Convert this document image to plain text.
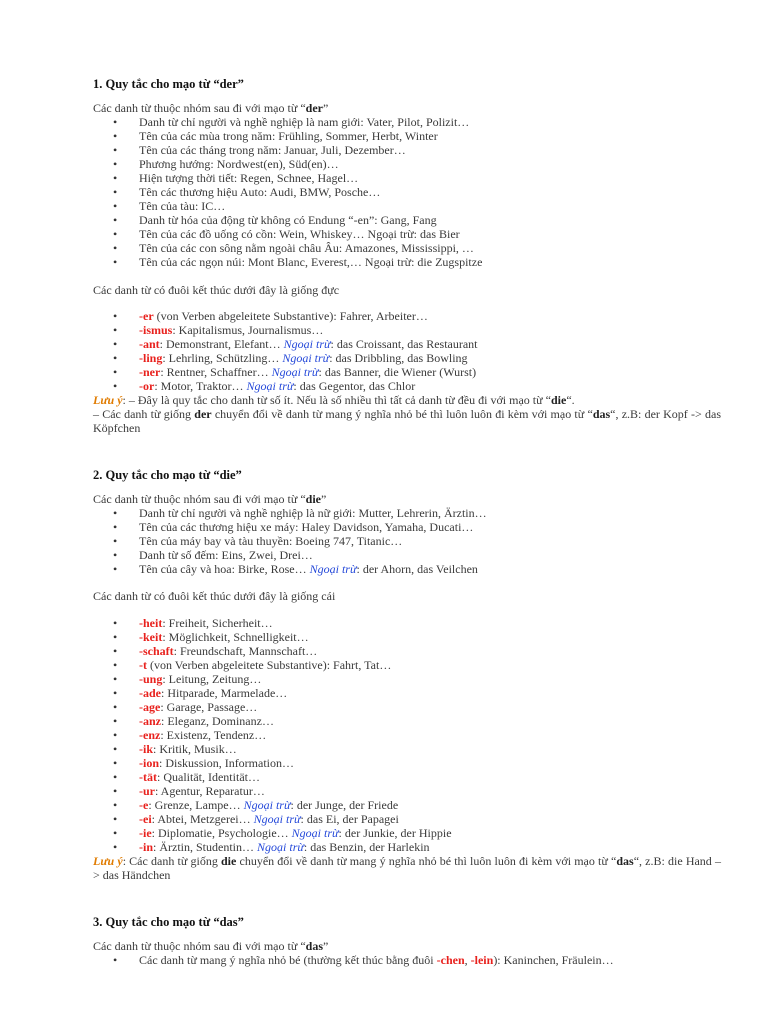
1. Quy tắc cho mạo từ “der”
Các danh từ thuộc nhóm sau đi với mạo từ “der”
• Danh từ chỉ người và nghề nghiệp là nam giới: Vater, Pilot, Polizit…
• Tên của các mùa trong năm: Frühling, Sommer, Herbt, Winter
• Tên của các tháng trong năm: Januar, Juli, Dezember…
• Phương hướng: Nordwest(en), Süd(en)…
• Hiện tượng thời tiết: Regen, Schnee, Hagel…
• Tên các thương hiệu Auto: Audi, BMW, Posche…
• Tên của tàu: IC…
• Danh từ hóa của động từ không có Endung “-en”: Gang, Fang
• Tên của các đồ uống có cồn: Wein, Whiskey… Ngoại trừ: das Bier
• Tên của các con sông nằm ngoài châu Âu: Amazones, Mississippi, …
• Tên của các ngọn núi: Mont Blanc, Everest,… Ngoại trừ: die Zugspitze
Các danh từ có đuôi kết thúc dưới đây là giống đực
• -er (von Verben abgeleitete Substantive): Fahrer, Arbeiter…
• -ismus: Kapitalismus, Journalismus…
• -ant: Demonstrant, Elefant… Ngoại trừ: das Croissant, das Restaurant
• -ling: Lehrling, Schützling… Ngoại trừ: das Dribbling, das Bowling
• -ner: Rentner, Schaffner… Ngoại trừ: das Banner, die Wiener (Wurst)
• -or: Motor, Traktor… Ngoại trừ: das Gegentor, das Chlor
Lưu ý: – Đây là quy tắc cho danh từ số ít. Nếu là số nhiều thì tất cả danh từ đều đi với mạo từ “die“.
– Các danh từ giống der chuyển đổi về danh từ mang ý nghĩa nhỏ bé thì luôn luôn đi kèm với mạo từ “das“, z.B: der Kopf -> das Köpfchen
2. Quy tắc cho mạo từ “die”
Các danh từ thuộc nhóm sau đi với mạo từ “die”
• Danh từ chỉ người và nghề nghiệp là nữ giới: Mutter, Lehrerin, Ärztin…
• Tên của các thương hiệu xe máy: Haley Davidson, Yamaha, Ducati…
• Tên của máy bay và tàu thuyền: Boeing 747, Titanic…
• Danh từ số đếm: Eins, Zwei, Drei…
• Tên của cây và hoa: Birke, Rose… Ngoại trừ: der Ahorn, das Veilchen
Các danh từ có đuôi kết thúc dưới đây là giống cái
• -heit: Freiheit, Sicherheit…
• -keit: Möglichkeit, Schnelligkeit…
• -schaft: Freundschaft, Mannschaft…
• -t (von Verben abgeleitete Substantive): Fahrt, Tat…
• -ung: Leitung, Zeitung…
• -ade: Hitparade, Marmelade…
• -age: Garage, Passage…
• -anz: Eleganz, Dominanz…
• -enz: Existenz, Tendenz…
• -ik: Kritik, Musik…
• -ion: Diskussion, Information…
• -tät: Qualität, Identität…
• -ur: Agentur, Reparatur…
• -e: Grenze, Lampe… Ngoại trừ: der Junge, der Friede
• -ei: Abtei, Metzgerei… Ngoại trừ: das Ei, der Papagei
• -ie: Diplomatie, Psychologie… Ngoại trừ: der Junkie, der Hippie
• -in: Ärztin, Studentin… Ngoại trừ: das Benzin, der Harlekin
Lưu ý: Các danh từ giống die chuyển đổi về danh từ mang ý nghĩa nhỏ bé thì luôn luôn đi kèm với mạo từ “das“, z.B: die Hand –> das Händchen
3. Quy tắc cho mạo từ “das”
Các danh từ thuộc nhóm sau đi với mạo từ “das”
• Các danh từ mang ý nghĩa nhỏ bé (thường kết thúc bằng đuôi -chen, -lein): Kaninchen, Fräulein…
